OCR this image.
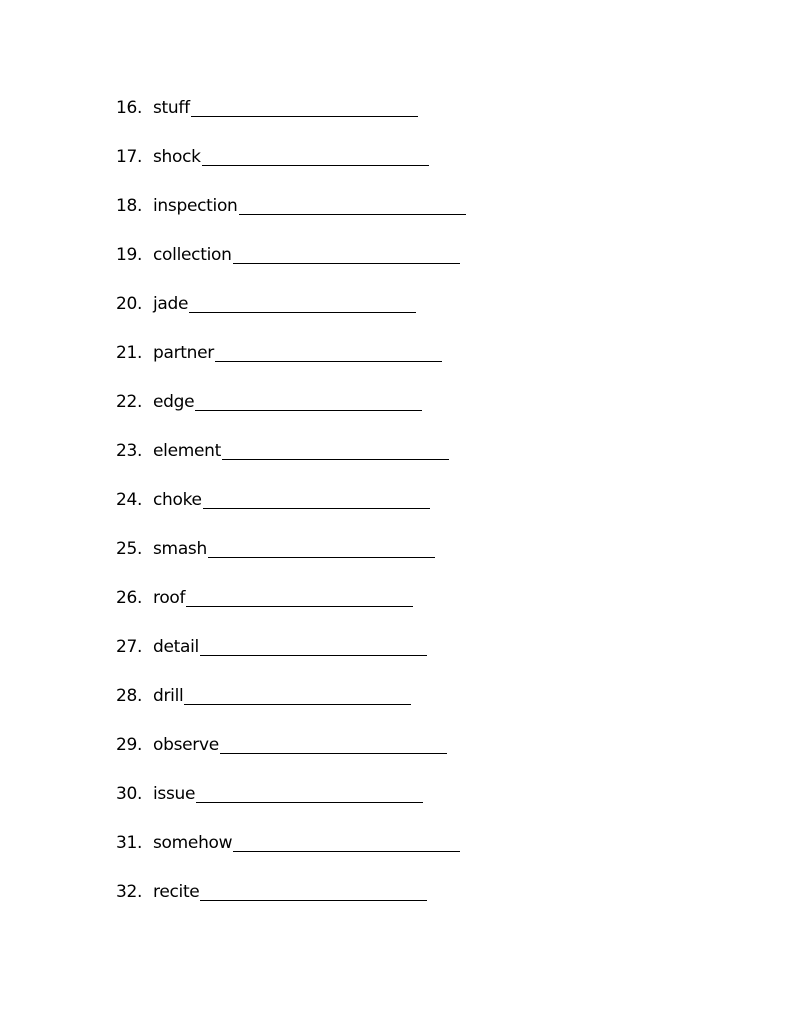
16. stuff
17. shock
18. inspection
19. collection
20. jade
21. partner
22. edge
23. element
24. choke
25. smash
26. roof
27. detail
28. drill
29. observe
30. issue
31. somehow
32. recite
